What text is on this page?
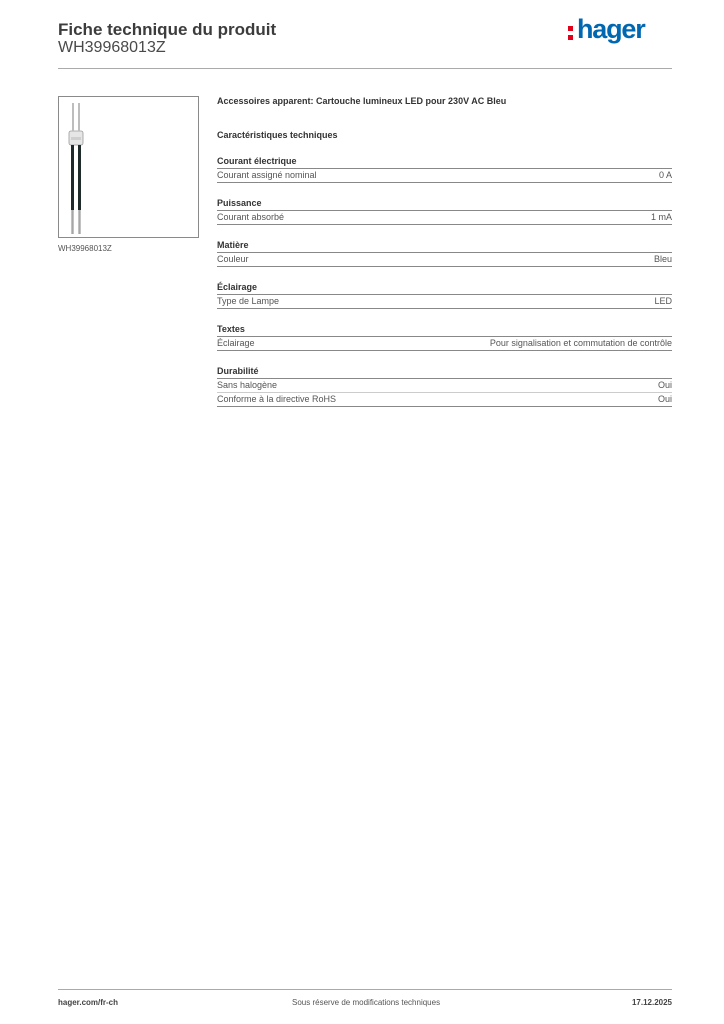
Fiche technique du produit
WH39968013Z
hager
WH39968013Z

Accessoires apparent: Cartouche lumineux LED pour 230V AC Bleu

Caractéristiques techniques

Courant électrique
Courant assigné nominal	0 A
Puissance
Courant absorbé	1 mA
Matière
Couleur	Bleu
Éclairage
Type de Lampe	LED
Textes
Éclairage	Pour signalisation et commutation de contrôle
Durabilité
Sans halogène	Oui
Conforme à la directive RoHS	Oui
hager.com/fr-ch	Sous réserve de modifications techniques	17.12.2025
